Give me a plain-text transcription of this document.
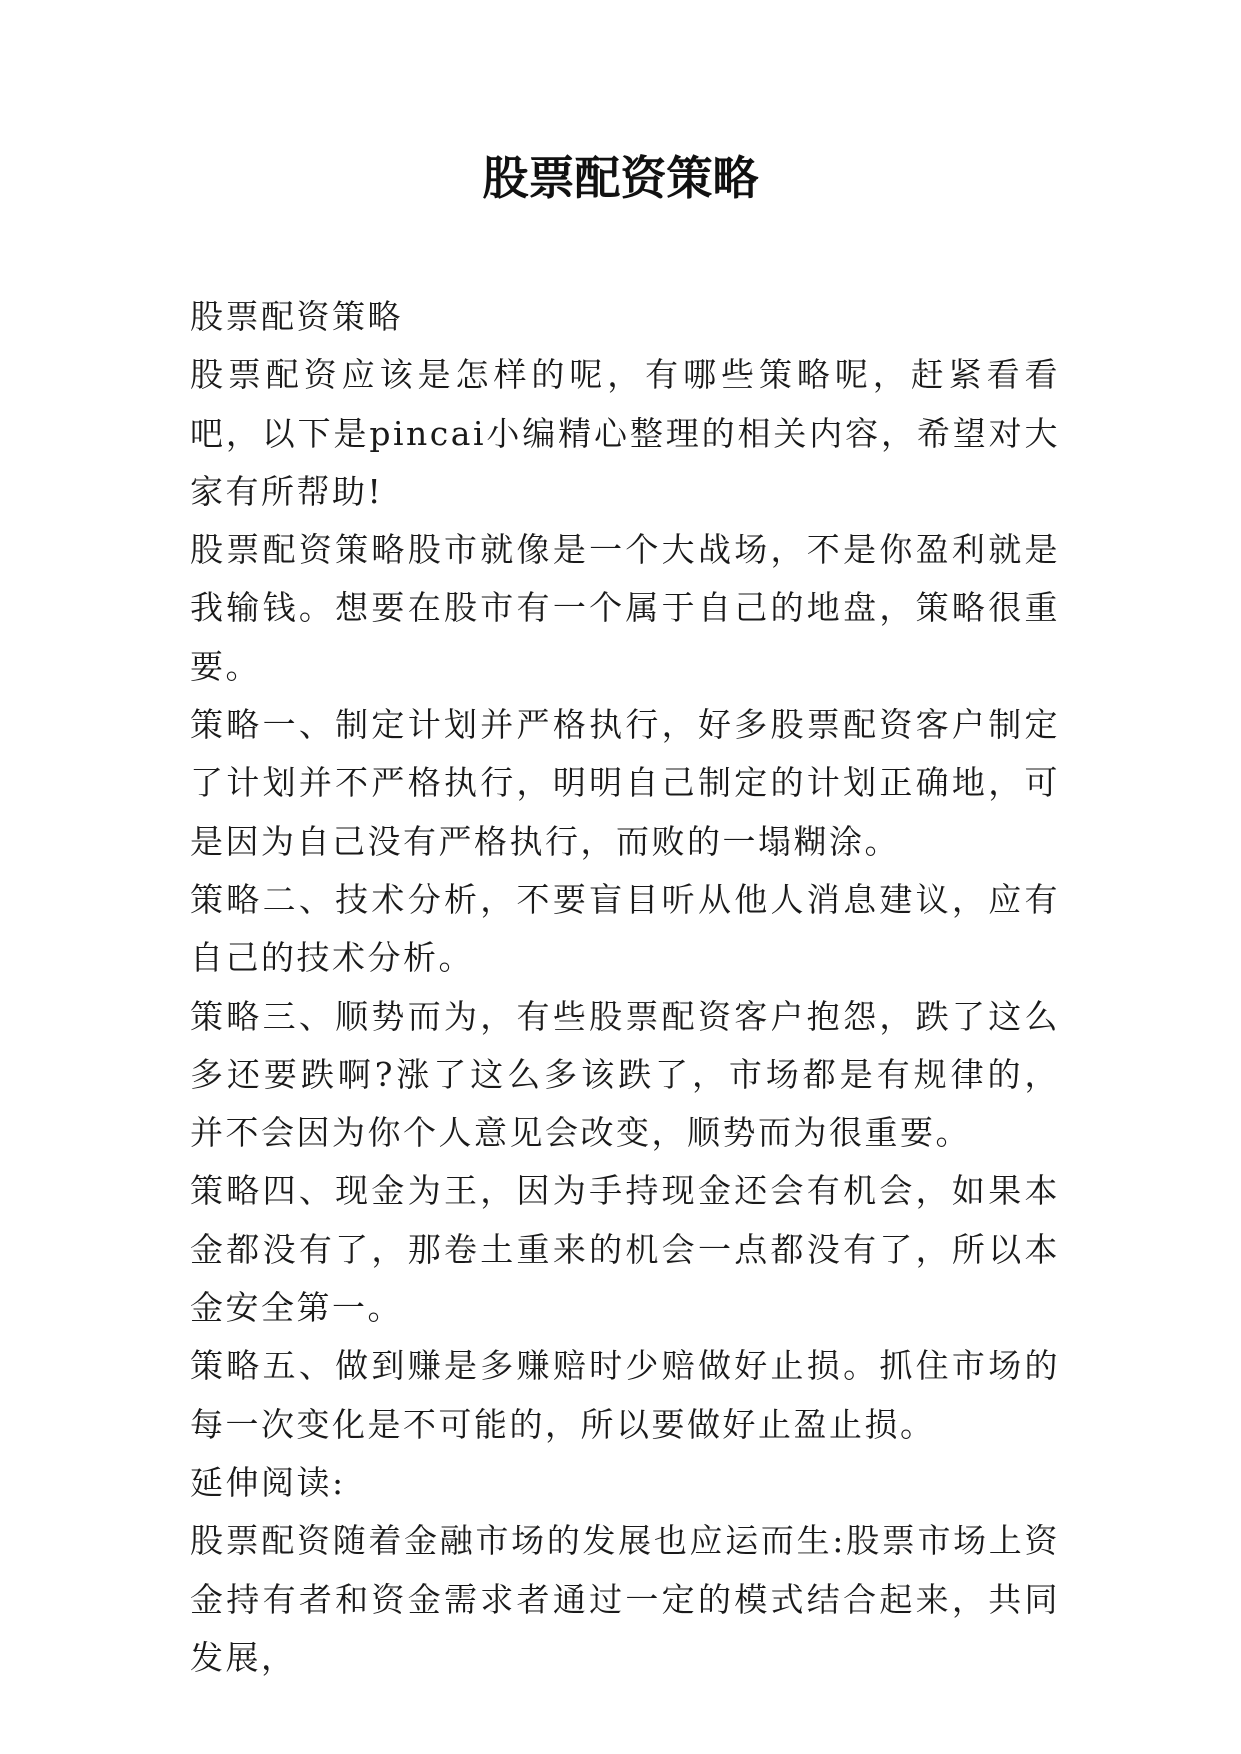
股票配资策略

股票配资策略

股票配资应该是怎样的呢，有哪些策略呢，赶紧看看吧，以下是pincai小编精心整理的相关内容，希望对大家有所帮助!

股票配资策略股市就像是一个大战场，不是你盈利就是我输钱。想要在股市有一个属于自己的地盘，策略很重要。

策略一、制定计划并严格执行，好多股票配资客户制定了计划并不严格执行，明明自己制定的计划正确地，可是因为自己没有严格执行，而败的一塌糊涂。

策略二、技术分析，不要盲目听从他人消息建议，应有自己的技术分析。

策略三、顺势而为，有些股票配资客户抱怨，跌了这么多还要跌啊?涨了这么多该跌了，市场都是有规律的，并不会因为你个人意见会改变，顺势而为很重要。

策略四、现金为王，因为手持现金还会有机会，如果本金都没有了，那卷土重来的机会一点都没有了，所以本金安全第一。

策略五、做到赚是多赚赔时少赔做好止损。抓住市场的每一次变化是不可能的，所以要做好止盈止损。

延伸阅读:

股票配资随着金融市场的发展也应运而生:股票市场上资金持有者和资金需求者通过一定的模式结合起来，共同发展，
